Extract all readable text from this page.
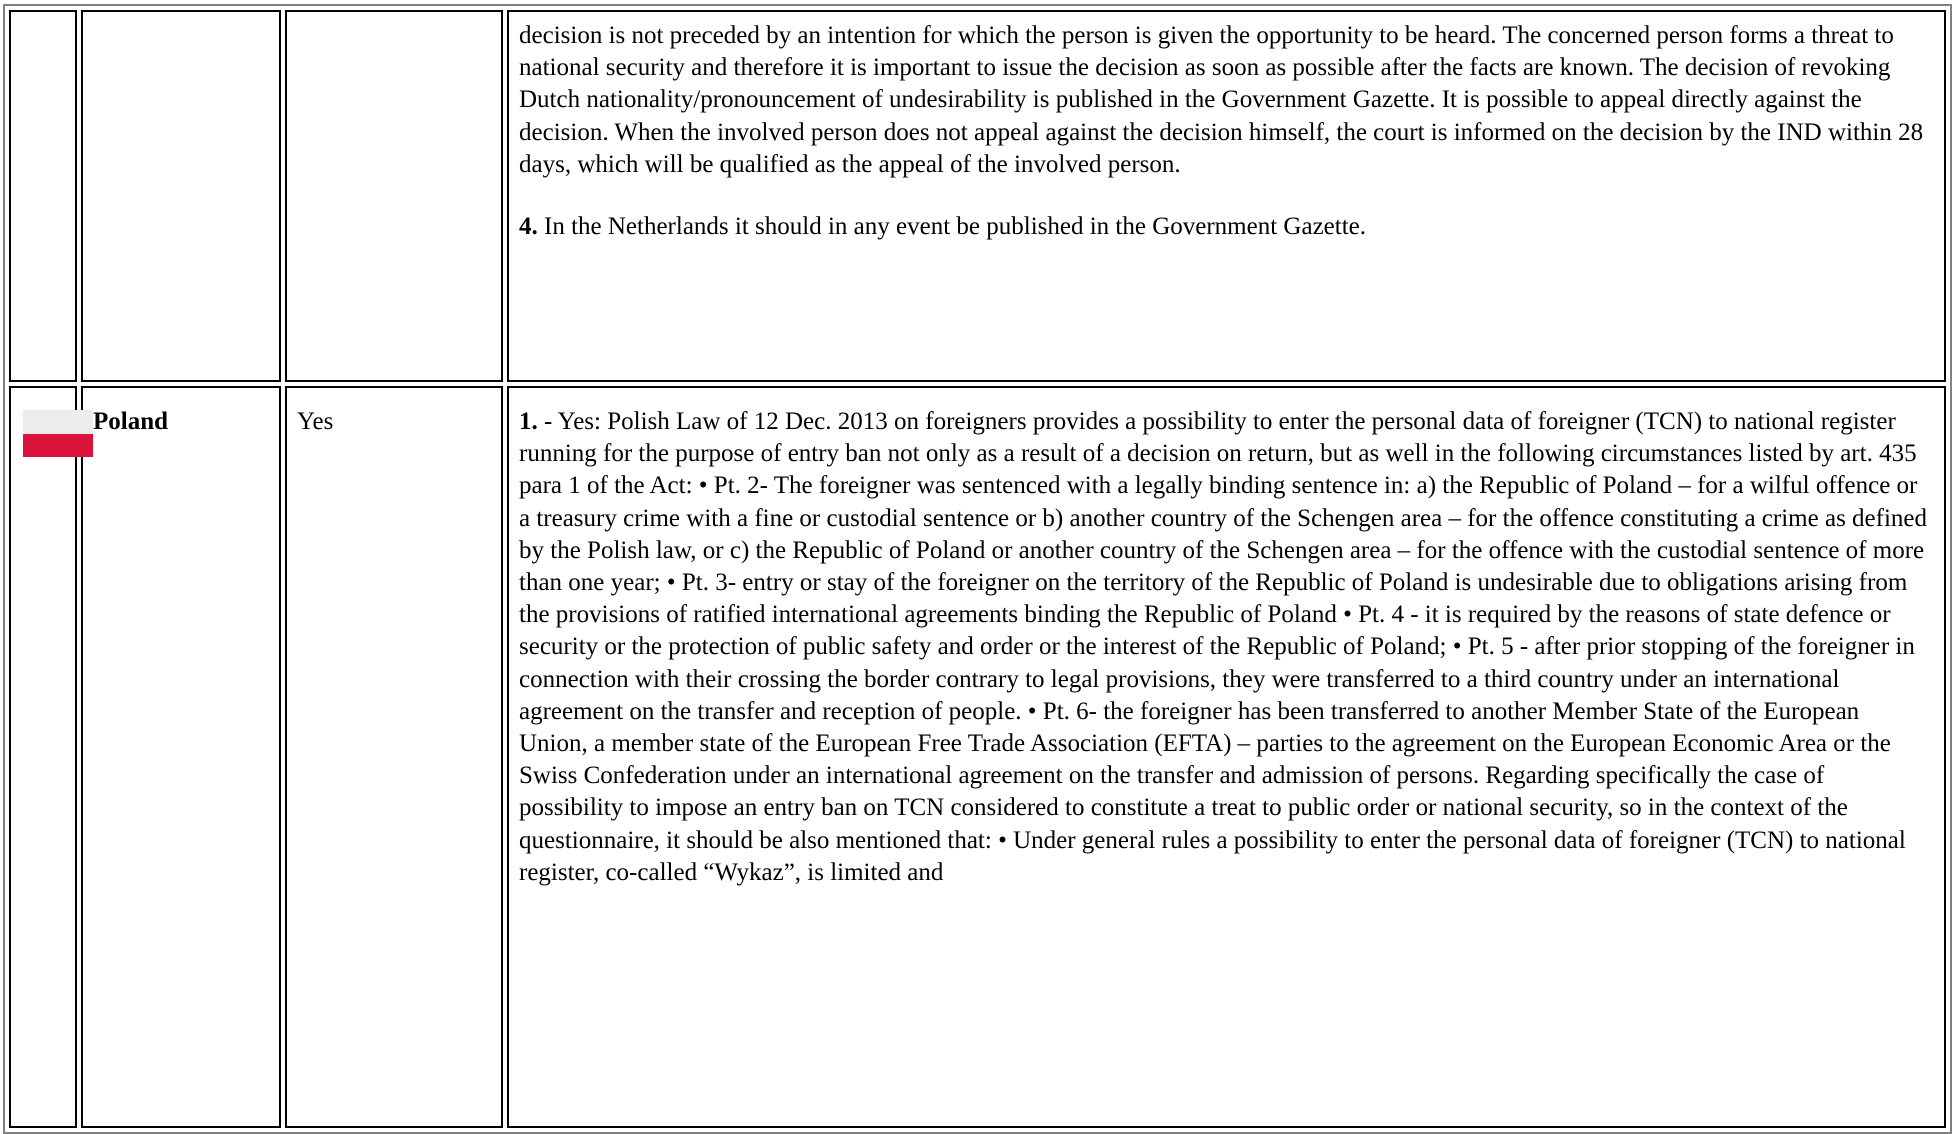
			decision is not preceded by an intention for which the person is given the opportunity to be heard. The concerned person forms a threat to national security and therefore it is important to issue the decision as soon as possible after the facts are known. The decision of revoking Dutch nationality/pronouncement of undesirability is published in the Government Gazette. It is possible to appeal directly against the decision. When the involved person does not appeal against the decision himself, the court is informed on the decision by the IND within 28 days, which will be qualified as the appeal of the involved person.

4. In the Netherlands it should in any event be published in the Government Gazette.

	Poland	Yes	1. - Yes: Polish Law of 12 Dec. 2013 on foreigners provides a possibility to enter the personal data of foreigner (TCN) to national register running for the purpose of entry ban not only as a result of a decision on return, but as well in the following circumstances listed by art. 435 para 1 of the Act: • Pt. 2- The foreigner was sentenced with a legally binding sentence in: a) the Republic of Poland – for a wilful offence or a treasury crime with a fine or custodial sentence or b) another country of the Schengen area – for the offence constituting a crime as defined by the Polish law, or c) the Republic of Poland or another country of the Schengen area – for the offence with the custodial sentence of more than one year; • Pt. 3- entry or stay of the foreigner on the territory of the Republic of Poland is undesirable due to obligations arising from the provisions of ratified international agreements binding the Republic of Poland • Pt. 4 - it is required by the reasons of state defence or security or the protection of public safety and order or the interest of the Republic of Poland; • Pt. 5 - after prior stopping of the foreigner in connection with their crossing the border contrary to legal provisions, they were transferred to a third country under an international agreement on the transfer and reception of people. • Pt. 6- the foreigner has been transferred to another Member State of the European Union, a member state of the European Free Trade Association (EFTA) – parties to the agreement on the European Economic Area or the Swiss Confederation under an international agreement on the transfer and admission of persons. Regarding specifically the case of possibility to impose an entry ban on TCN considered to constitute a treat to public order or national security, so in the context of the questionnaire, it should be also mentioned that: • Under general rules a possibility to enter the personal data of foreigner (TCN) to national register, co-called “Wykaz”, is limited and
